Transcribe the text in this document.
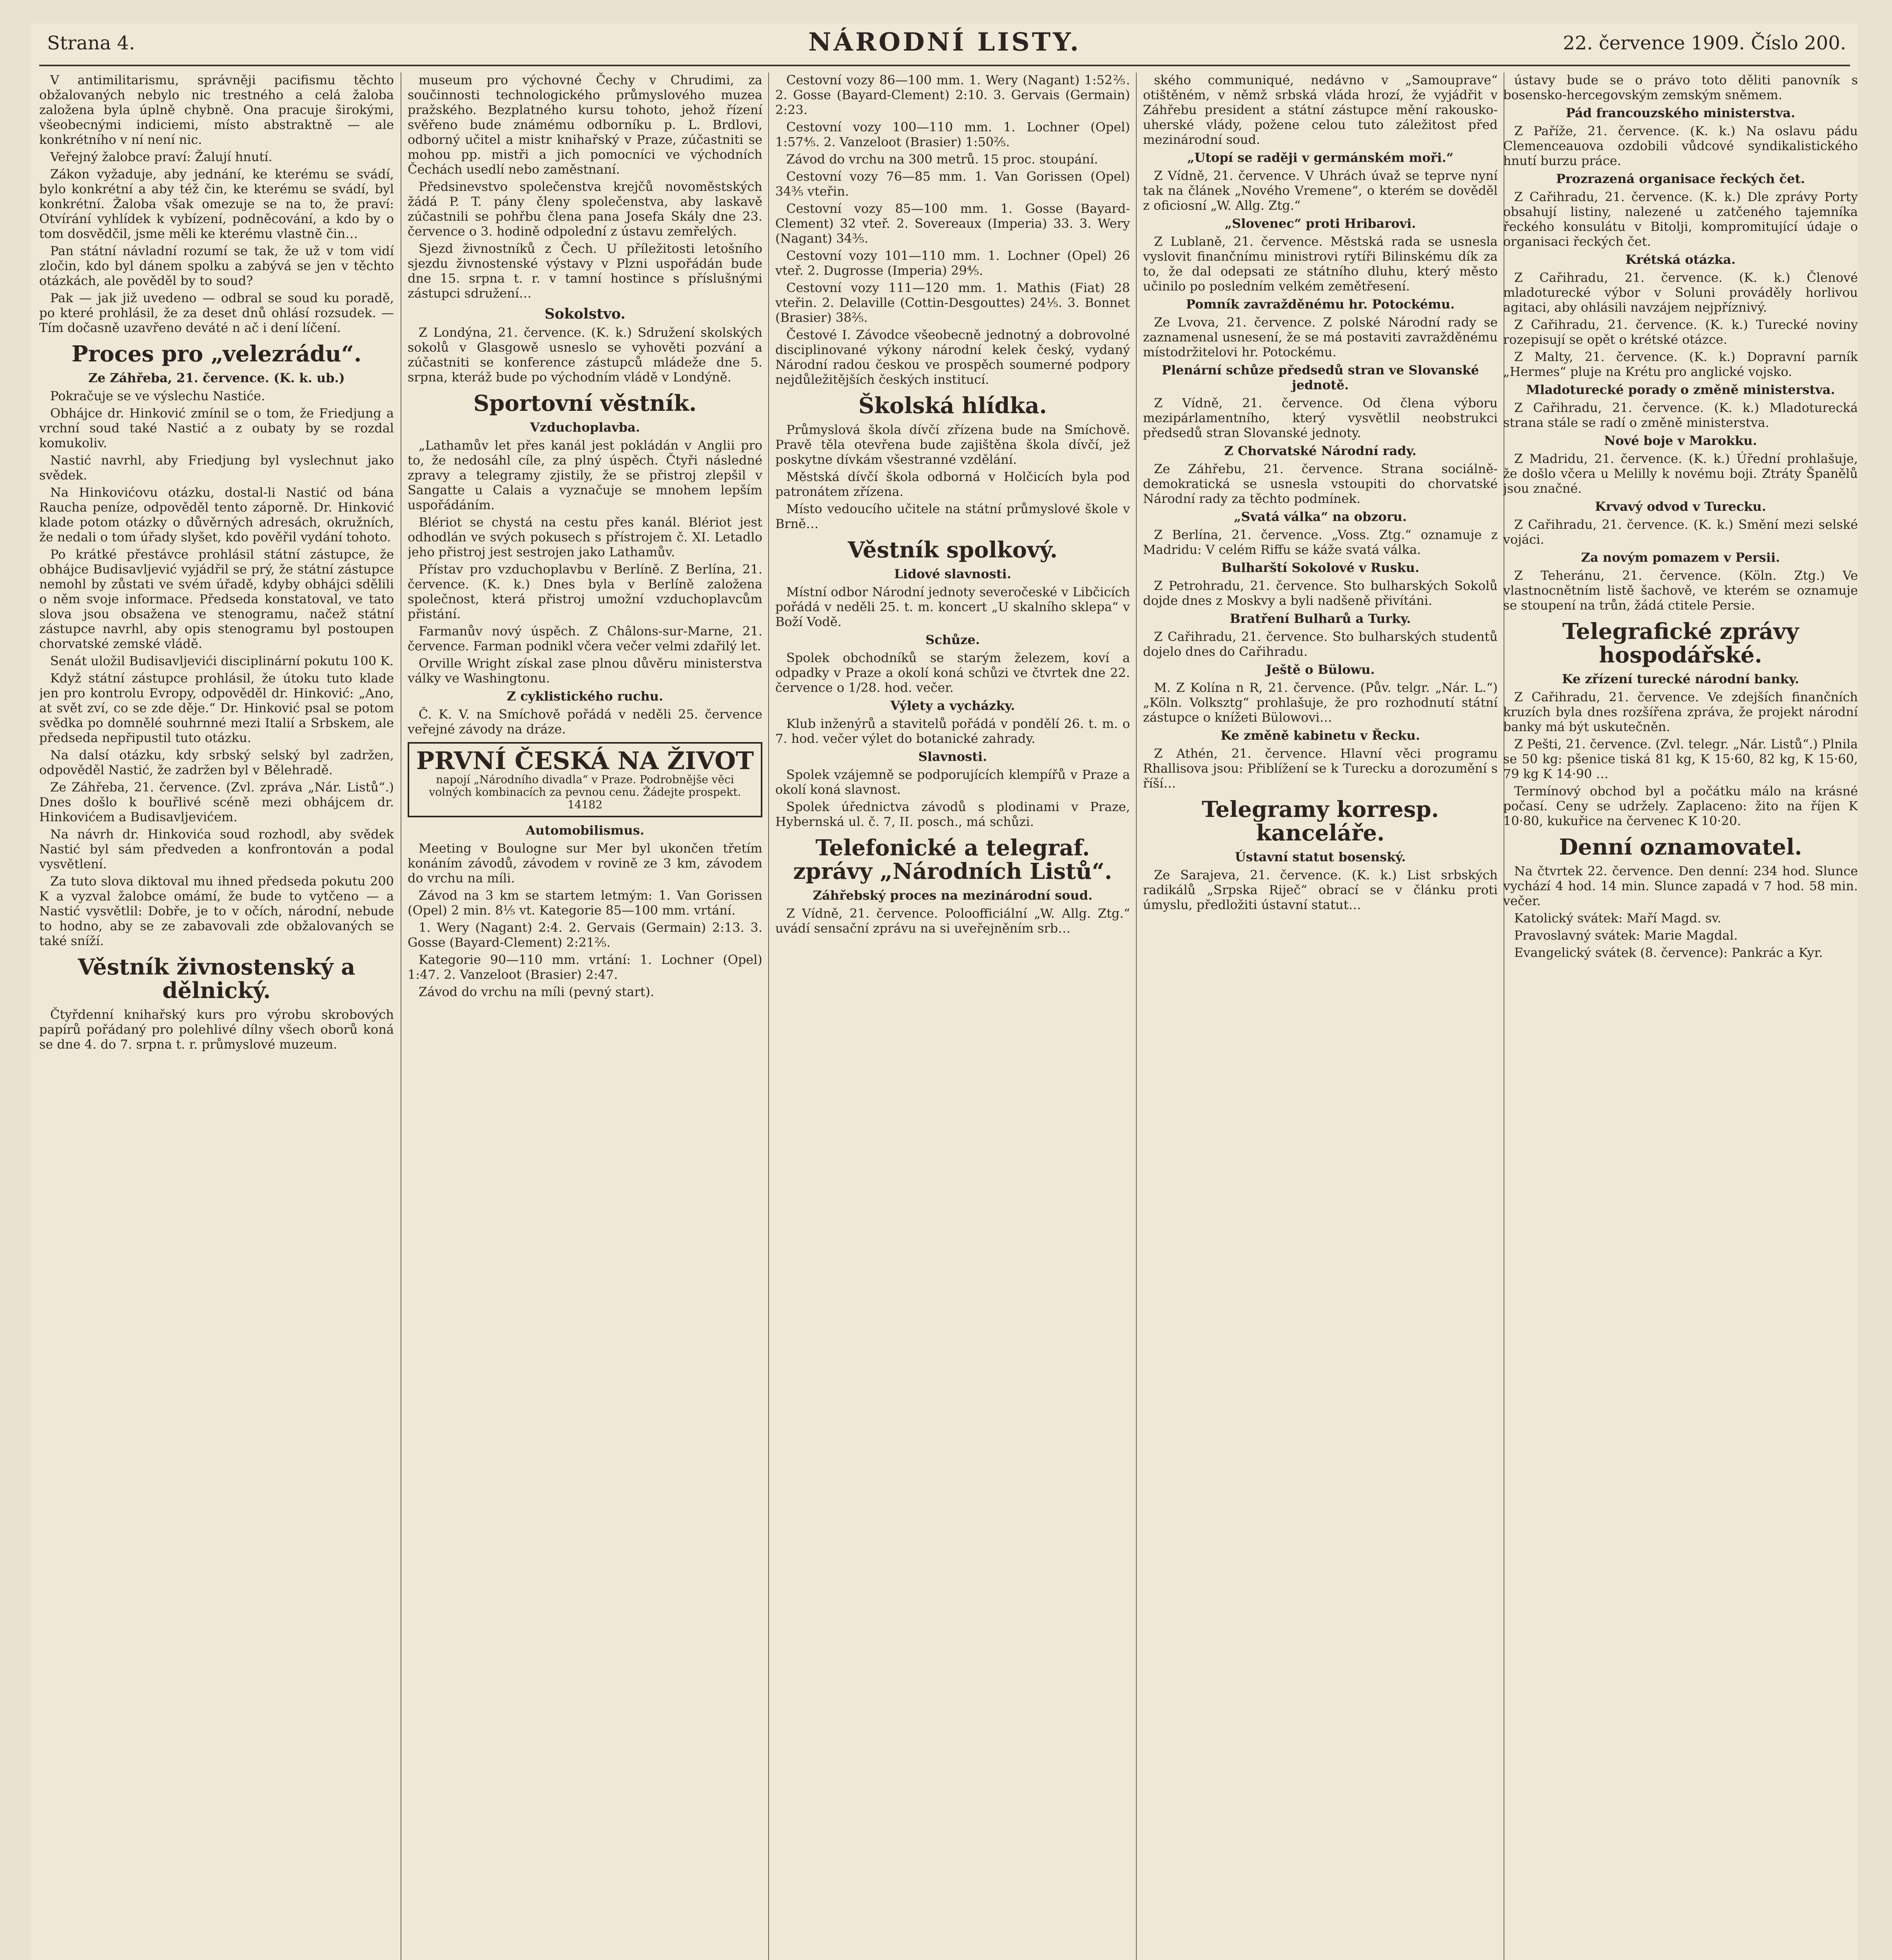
Strana 4.	NÁRODNÍ LISTY.	22. července 1909. Číslo 200.

V antimilitarismu, správněji pacifismu těchto obžalovaných nebylo nic trestného a celá žaloba založena byla úplně chybně. Ona pracuje širokými, všeobecnými indiciemi, místo abstraktně — ale konkrétního v ní není nic.

Veřejný žalobce praví: Žalují hnutí.

Zákon vyžaduje, aby jednání, ke kterému se svádí, bylo konkrétní a aby též čin, ke kterému se svádí, byl konkrétní. Žaloba však omezuje se na to, že praví: Otvírání vyhlídek k vybízení, podněcování, a kdo by o tom dosvědčil, jsme měli ke kterému vlastně čin…

Pan státní návladní rozumí se tak, že už v tom vidí zločin, kdo byl dánem spolku a zabývá se jen v těchto otázkách, ale pověděl by to soud?

Pak — jak již uvedeno — odbral se soud ku poradě, po které prohlásil, že za deset dnů ohlásí rozsudek. — Tím dočasně uzavřeno deváté n ač i dení líčení.

Proces pro „velezrádu“.
Ze Záhřeba, 21. července. (K. k. ub.)

Pokračuje se ve výslechu Nastiće.

Obhájce dr. Hinković zmínil se o tom, že Friedjung a vrchní soud také Nastić a z oubaty by se rozdal komukoliv.

Nastić navrhl, aby Friedjung byl vyslechnut jako svědek.

Na Hinkovićovu otázku, dostal-li Nastić od bána Raucha peníze, odpověděl tento záporně. Dr. Hinković klade potom otázky o důvěrných adresách, okružních, že nedali o tom úřady slyšet, kdo pověřil vydání tohoto.

Po krátké přestávce prohlásil státní zástupce, že obhájce Budisavljević vyjádřil se prý, že státní zástupce nemohl by zůstati ve svém úřadě, kdyby obhájci sdělili o něm svoje informace. Předseda konstatoval, ve tato slova jsou obsažena ve stenogramu, načež státní zástupce navrhl, aby opis stenogramu byl postoupen chorvatské zemské vládě.

Senát uložil Budisavljevići disciplinární pokutu 100 K.

Když státní zástupce prohlásil, že útoku tuto klade jen pro kontrolu Evropy, odpověděl dr. Hinković: „Ano, at svět zví, co se zde děje.“ Dr. Hinković psal se potom svědka po domnělé souhrnné mezi Italií a Srbskem, ale předseda nepřipustil tuto otázku.

Na dalsí otázku, kdy srbský selský byl zadržen, odpověděl Nastić, že zadržen byl v Bělehradě.

Ze Záhřeba, 21. července. (Zvl. zpráva „Nár. Listů“.) Dnes došlo k bouřlivé scéně mezi obhájcem dr. Hinkovićem a Budisavljevićem.

Na návrh dr. Hinkovića soud rozhodl, aby svědek Nastić byl sám předveden a konfrontován a podal vysvětlení.

Za tuto slova diktoval mu ihned předseda pokutu 200 K a vyzval žalobce omámí, že bude to vytčeno — a Nastić vysvětlil: Dobře, je to v očích, národní, nebude to hodno, aby se ze zabavovali zde obžalovaných se také sníží.

Věstník živnostenský a dělnický.

Čtyřdenní knihařský kurs pro výrobu skrobových papírů pořádaný pro polehlivé dílny všech oborů koná se dne 4. do 7. srpna t. r. průmyslové muzeum.

museum pro výchovné Čechy v Chrudimi, za součinnosti technologického průmyslového muzea pražského. Bezplatného kursu tohoto, jehož řízení svěřeno bude známému odborníku p. L. Brdlovi, odborný učitel a mistr knihařský v Praze, zúčastniti se mohou pp. mistři a jich pomocníci ve východních Čechách usedlí nebo zaměstnaní.

Předsinevstvo společenstva krejčů novoměstských žádá P. T. pány členy společenstva, aby laskavě zúčastnili se pohřbu člena pana Josefa Skály dne 23. července o 3. hodině odpolední z ústavu zemřelých.

Sjezd živnostníků z Čech. U příležitosti letošního sjezdu živnostenské výstavy v Plzni uspořádán bude dne 15. srpna t. r. v tamní hostince s příslušnými zástupci sdružení…

Sokolstvo.

Z Londýna, 21. července. (K. k.) Sdružení skolských sokolů v Glasgowě usneslo se vyhověti pozvání a zúčastniti se konference zástupců mládeže dne 5. srpna, kteráž bude po východním vládě v Londýně.

Sportovní věstník.
Vzduchoplavba.

„Lathamův let přes kanál jest pokládán v Anglii pro to, že nedosáhl cíle, za plný úspěch. Čtyři následné zpravy a telegramy zjistily, že se přistroj zlepšil v Sangatte u Calais a vyznačuje se mnohem lepším uspořádáním.

Blériot se chystá na cestu přes kanál. Blériot jest odhodlán ve svých pokusech s přístrojem č. XI. Letadlo jeho přistroj jest sestrojen jako Lathamův.

Přístav pro vzduchoplavbu v Berlíně. Z Berlína, 21. července. (K. k.) Dnes byla v Berlíně založena společnost, která přistroj umožní vzduchoplavcům přistání.

Farmanův nový úspěch. Z Châlons-sur-Marne, 21. července. Farman podnikl včera večer velmi zdařilý let.

Orville Wright získal zase plnou důvěru ministerstva války ve Washingtonu.

Z cyklistického ruchu.

Č. K. V. na Smíchově pořádá v neděli 25. července veřejné závody na dráze.

PRVNÍ ČESKÁ NA ŽIVOT
napojí „Národního divadla“ v Praze. Podrobnějše věci volných kombinacích za pevnou cenu. Žádejte prospekt.
14182
Automobilismus.

Meeting v Boulogne sur Mer byl ukončen třetím konáním závodů, závodem v rovině ze 3 km, závodem do vrchu na míli.

Závod na 3 km se startem letmým: 1. Van Gorissen (Opel) 2 min. 8⅕ vt. Kategorie 85—100 mm. vrtání.

1. Wery (Nagant) 2:4. 2. Gervais (Germain) 2:13. 3. Gosse (Bayard-Clement) 2:21⅖.

Kategorie 90—110 mm. vrtání: 1. Lochner (Opel) 1:47. 2. Vanzeloot (Brasier) 2:47.

Závod do vrchu na míli (pevný start).

Cestovní vozy 86—100 mm. 1. Wery (Nagant) 1:52⅖. 2. Gosse (Bayard-Clement) 2:10. 3. Gervais (Germain) 2:23.

Cestovní vozy 100—110 mm. 1. Lochner (Opel) 1:57⅘. 2. Vanzeloot (Brasier) 1:50⅖.

Závod do vrchu na 300 metrů. 15 proc. stoupání.

Cestovní vozy 76—85 mm. 1. Van Gorissen (Opel) 34⅗ vteřin.

Cestovní vozy 85—100 mm. 1. Gosse (Bayard-Clement) 32 vteř. 2. Sovereaux (Imperia) 33. 3. Wery (Nagant) 34⅗.

Cestovní vozy 101—110 mm. 1. Lochner (Opel) 26 vteř. 2. Dugrosse (Imperia) 29⅘.

Cestovní vozy 111—120 mm. 1. Mathis (Fiat) 28 vteřin. 2. Delaville (Cottin-Desgouttes) 24⅕. 3. Bonnet (Brasier) 38⅖.

Čestové I. Závodce všeobecně jednotný a dobrovolné disciplinované výkony národní kelek český, vydaný Národní radou českou ve prospěch soumerné podpory nejdůležitějších českých institucí.

Školská hlídka.

Průmyslová škola dívčí zřízena bude na Smíchově. Pravě těla otevřena bude zajištěna škola dívčí, jež poskytne dívkám všestranné vzdělání.

Městská dívčí škola odborná v Holčicích byla pod patronátem zřízena.

Místo vedoucího učitele na státní průmyslové škole v Brně…

Věstník spolkový.
Lidové slavnosti.

Místní odbor Národní jednoty severočeské v Libčicích pořádá v neděli 25. t. m. koncert „U skalního sklepa“ v Boží Vodě.

Schůze.

Spolek obchodníků se starým železem, koví a odpadky v Praze a okolí koná schůzi ve čtvrtek dne 22. července o 1/28. hod. večer.

Výlety a vycházky.

Klub inženýrů a stavitelů pořádá v pondělí 26. t. m. o 7. hod. večer výlet do botanické zahrady.

Slavnosti.

Spolek vzájemně se podporujících klempířů v Praze a okolí koná slavnost.

Spolek úřednictva závodů s plodinami v Praze, Hybernská ul. č. 7, II. posch., má schůzi.

Telefonické a telegraf. zprávy „Národních Listů“.
Záhřebský proces na mezinárodní soud.

Z Vídně, 21. července. Poloofficiální „W. Allg. Ztg.“ uvádí sensační zprávu na si uveřejněním srb…

ského communiqué, nedávno v „Samouprave“ otištěném, v němž srbská vláda hrozí, že vyjádřit v Záhřebu president a státní zástupce mění rakousko-uherské vlády, požene celou tuto záležitost před mezinárodní soud.

„Utopí se raději v germánském moři.“

Z Vídně, 21. července. V Uhrách úvaž se teprve nyní tak na článek „Nového Vremene“, o kterém se dověděl z oficiosní „W. Allg. Ztg.“

„Slovenec“ proti Hribarovi.

Z Lublaně, 21. července. Městská rada se usnesla vyslovit finančnímu ministrovi rytíři Bilinskému dík za to, že dal odepsati ze státního dluhu, který město učinilo po posledním velkém zemětřesení.

Pomník zavražděnému hr. Potockému.

Ze Lvova, 21. července. Z polské Národní rady se zaznamenal usnesení, že se má postaviti zavražděnému místodržitelovi hr. Potockému.

Plenární schůze předsedů stran ve Slovanské jednotě.

Z Vídně, 21. července. Od člena výboru mezipárlamentního, který vysvětlil neobstrukci předsedů stran Slovanské jednoty.

Z Chorvatské Národní rady.

Ze Záhřebu, 21. července. Strana sociálně-demokratická se usnesla vstoupiti do chorvatské Národní rady za těchto podmínek.

„Svatá válka“ na obzoru.

Z Berlína, 21. července. „Voss. Ztg.“ oznamuje z Madridu: V celém Riffu se káže svatá válka.

Bulharští Sokolové v Rusku.

Z Petrohradu, 21. července. Sto bulharských Sokolů dojde dnes z Moskvy a byli nadšeně přivítáni.

Bratření Bulharů a Turky.

Z Cařihradu, 21. července. Sto bulharských studentů dojelo dnes do Cařihradu.

Ještě o Bülowu.

M. Z Kolína n R, 21. července. (Pův. telgr. „Nár. L.“) „Köln. Volksztg“ prohlašuje, že pro rozhodnutí státní zástupce o knížeti Bülowovi…

Ke změně kabinetu v Řecku.

Z Athén, 21. července. Hlavní věci programu Rhallisova jsou: Přiblížení se k Turecku a dorozumění s říší…

Telegramy korresp. kanceláře.
Ústavní statut bosenský.

Ze Sarajeva, 21. července. (K. k.) List srbských radikálů „Srpska Riječ“ obrací se v článku proti úmyslu, předložiti ústavní statut…

ústavy bude se o právo toto děliti panovník s bosensko-hercegovským zemským sněmem.

Pád francouzského ministerstva.

Z Paříže, 21. července. (K. k.) Na oslavu pádu Clemenceauova ozdobili vůdcové syndikalistického hnutí burzu práce.

Prozrazená organisace řeckých čet.

Z Cařihradu, 21. července. (K. k.) Dle zprávy Porty obsahují listiny, nalezené u zatčeného tajemníka řeckého konsulátu v Bitolji, kompromitující údaje o organisaci řeckých čet.

Krétská otázka.

Z Cařihradu, 21. července. (K. k.) Členové mladoturecké výbor v Soluni prováděly horlivou agitaci, aby ohlásili navzájem nejpříznivý.

Z Cařihradu, 21. července. (K. k.) Turecké noviny rozepisují se opět o krétské otázce.

Z Malty, 21. července. (K. k.) Dopravní parník „Hermes“ pluje na Krétu pro anglické vojsko.

Mladoturecké porady o změně ministerstva.

Z Cařihradu, 21. července. (K. k.) Mladoturecká strana stále se radí o změně ministerstva.

Nové boje v Marokku.

Z Madridu, 21. července. (K. k.) Úřední prohlašuje, že došlo včera u Melilly k novému boji. Ztráty Španělů jsou značné.

Krvavý odvod v Turecku.

Z Cařihradu, 21. července. (K. k.) Smění mezi selské vojáci.

Za novým pomazem v Persii.

Z Teheránu, 21. července. (Köln. Ztg.) Ve vlastnocnětním listě šachově, ve kterém se oznamuje se stoupení na trůn, žádá ctitele Persie.

Telegrafické zprávy hospodářské.
Ke zřízení turecké národní banky.

Z Cařihradu, 21. července. Ve zdejších finančních kruzích byla dnes rozšířena zpráva, že projekt národní banky má být uskutečněn.

Z Pešti, 21. července. (Zvl. telegr. „Nár. Listů“.) Plnila se 50 kg: pšenice tiská 81 kg, K 15·60, 82 kg, K 15·60, 79 kg K 14·90 …

Termínový obchod byl a počátku málo na krásné počasí. Ceny se udržely. Zaplaceno: žito na říjen K 10·80, kukuřice na červenec K 10·20.

Denní oznamovatel.

Na čtvrtek 22. července. Den denní: 234 hod. Slunce vychází 4 hod. 14 min. Slunce zapadá v 7 hod. 58 min. večer.

Katolický svátek: Maří Magd. sv.

Pravoslavný svátek: Marie Magdal.

Evangelický svátek (8. července): Pankrác a Kyr.
